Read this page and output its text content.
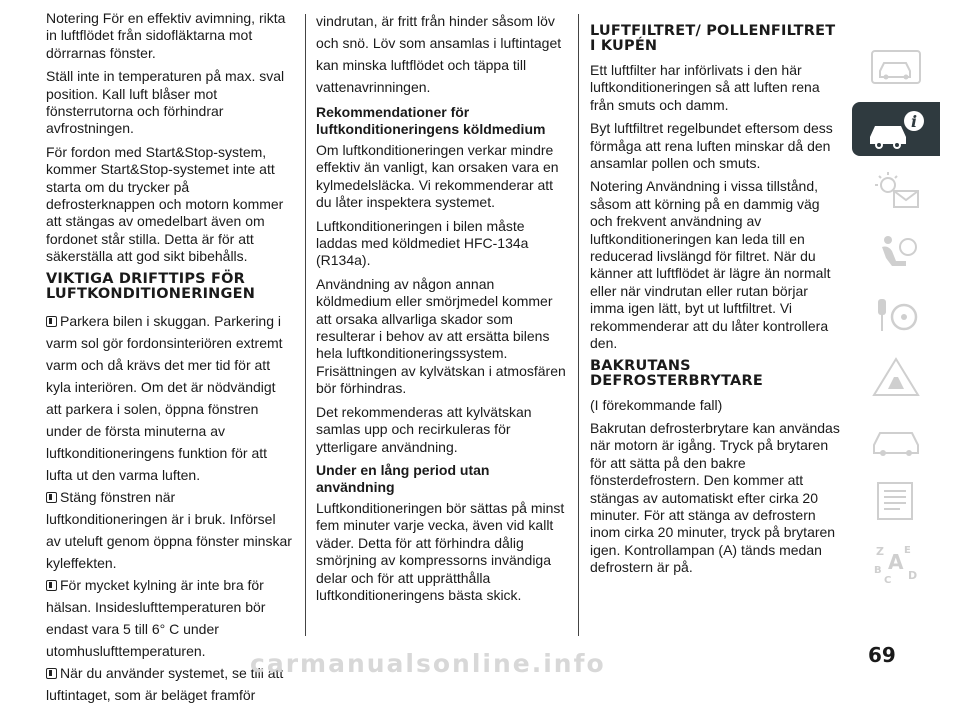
Notering För en effektiv avimning, rikta in luftflödet från sidofläktarna mot dörrarnas fönster.

Ställ inte in temperaturen på max. sval position. Kall luft blåser mot fönsterrutorna och förhindrar avfrostningen.

För fordon med Start&Stop-system, kommer Start&Stop-systemet inte att starta om du trycker på defrosterknappen och motorn kommer att stängas av omedelbart även om fordonet står stilla. Detta är för att säkerställa att god sikt bibehålls.

VIKTIGA DRIFTTIPS FÖR LUFTKONDITIONERINGEN

Parkera bilen i skuggan. Parkering i varm sol gör fordonsinteriören extremt varm och då krävs det mer tid för att kyla interiören. Om det är nödvändigt att parkera i solen, öppna fönstren under de första minuterna av luftkonditioneringens funktion för att lufta ut den varma luften.

Stäng fönstren när luftkonditioneringen är i bruk. Införsel av uteluft genom öppna fönster minskar kyleffekten.

För mycket kylning är inte bra för hälsan. Insideslufttemperaturen bör endast vara 5 till 6° C under utomhuslufttemperaturen.

När du använder systemet, se till att luftintaget, som är beläget framför

vindrutan, är fritt från hinder såsom löv och snö. Löv som ansamlas i luftintaget kan minska luftflödet och täppa till vattenavrinningen.

Rekommendationer för luftkonditioneringens köldmedium

Om luftkonditioneringen verkar mindre effektiv än vanligt, kan orsaken vara en kylmedelsläcka. Vi rekommenderar att du låter inspektera systemet.

Luftkonditioneringen i bilen måste laddas med köldmediet HFC-134a (R134a).

Användning av någon annan köldmedium eller smörjmedel kommer att orsaka allvarliga skador som resulterar i behov av att ersätta bilens hela luftkonditioneringssystem. Frisättningen av kylvätskan i atmosfären bör förhindras.

Det rekommenderas att kylvätskan samlas upp och recirkuleras för ytterligare användning.

Under en lång period utan användning

Luftkonditioneringen bör sättas på minst fem minuter varje vecka, även vid kallt väder. Detta för att förhindra dålig smörjning av kompressorns invändiga delar och för att upprätthålla luftkonditioneringens bästa skick.

LUFTFILTRET/ POLLENFILTRET I KUPÉN

Ett luftfilter har införlivats i den här luftkonditioneringen så att luften rena från smuts och damm.

Byt luftfiltret regelbundet eftersom dess förmåga att rena luften minskar då den ansamlar pollen och smuts.

Notering Användning i vissa tillstånd, såsom att körning på en dammig väg och frekvent användning av luftkonditioneringen kan leda till en reducerad livslängd för filtret. När du känner att luftflödet är lägre än normalt eller när vindrutan eller rutan börjar imma igen lätt, byt ut luftfiltret. Vi rekommenderar att du låter kontrollera den.

BAKRUTANS DEFROSTERBRYTARE

(I förekommande fall)

Bakrutan defrosterbrytare kan användas när motorn är igång. Tryck på brytaren för att sätta på den bakre fönsterdefrostern. Den kommer att stängas av automatiskt efter cirka 20 minuter. För att stänga av defrostern inom cirka 20 minuter, tryck på brytaren igen. Kontrollampan (A) tänds medan defrostern är på.

i
Z E
A
B
C D
69
carmanualsonline.info
